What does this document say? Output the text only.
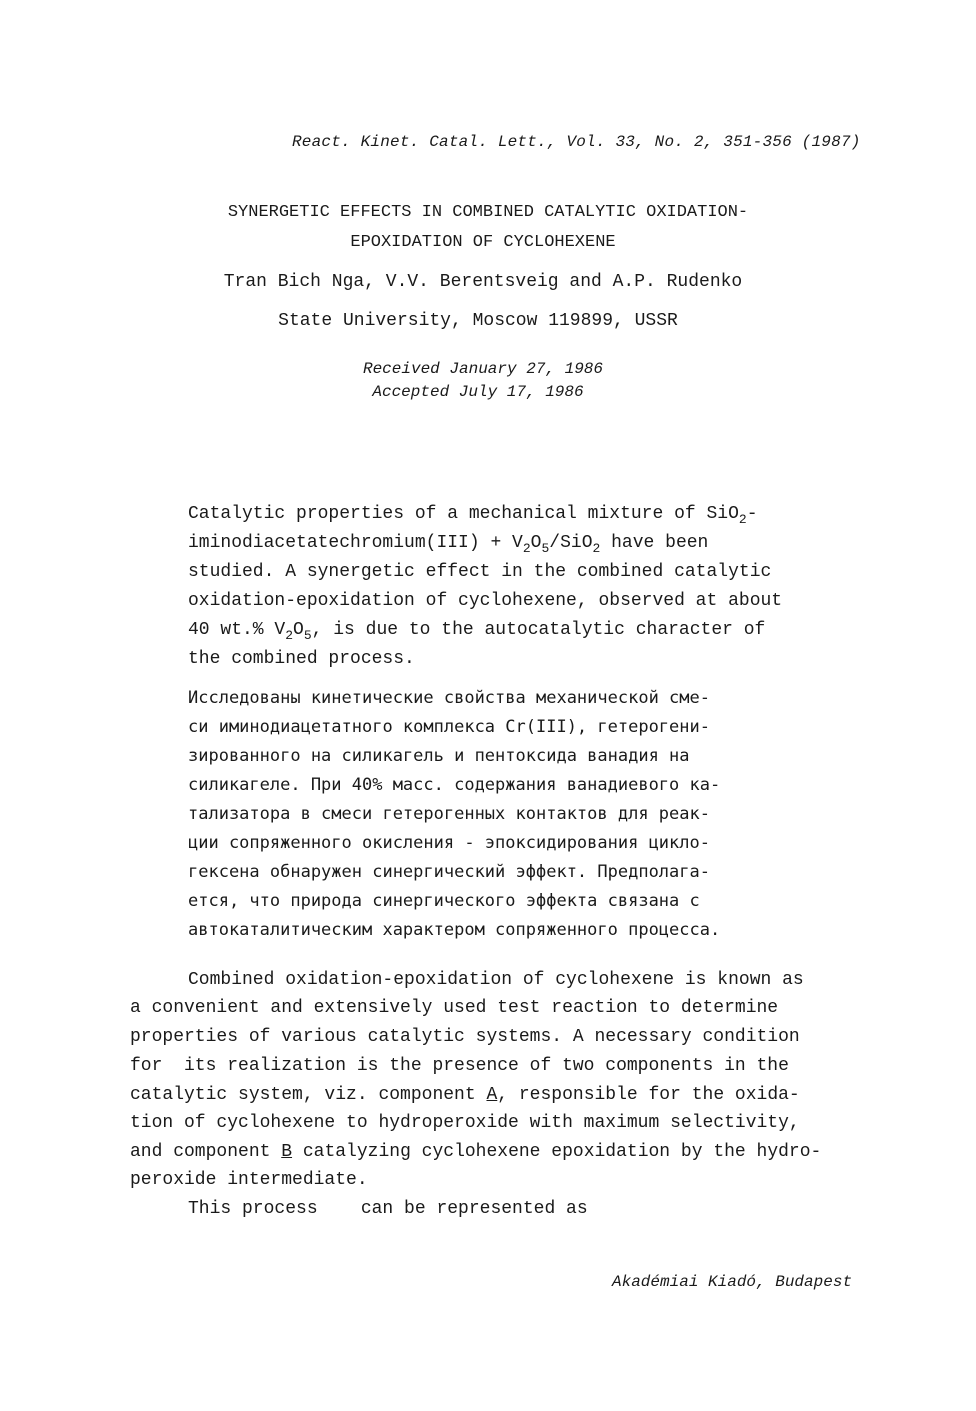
React. Kinet. Catal. Lett., Vol. 33, No. 2, 351-356 (1987)
SYNERGETIC EFFECTS IN COMBINED CATALYTIC OXIDATION-
EPOXIDATION OF CYCLOHEXENE
Tran Bich Nga, V.V. Berentsveig and A.P. Rudenko
State University, Moscow 119899, USSR
Received January 27, 1986
Accepted July 17, 1986
Catalytic properties of a mechanical mixture of SiO$_2$-
iminodiacetatechromium(III) + $V_2O_5/SiO_2$ have been
studied. A synergetic effect in the combined catalytic
oxidation-epoxidation of cyclohexene, observed at about
40 wt.% $V_2O_5$, is due to the autocatalytic character of
the combined process.
Исследованы кинетические свойства механической сме-
си иминодиацетатного комплекса Cr(III), гетерогени-
зированного на силикагель и пентоксида ванадия на
силикагеле. При 40% масс. содержания ванадиевого ка-
тализатора в смеси гетерогенных контактов для реак-
ции сопряженного окисления - эпоксидирования цикло-
гексена обнаружен синергический эффект. Предполага-
ется, что природа синергического эффекта связана с
автокаталитическим характером сопряженного процесса.
Combined oxidation-epoxidation of cyclohexene is known as
a convenient and extensively used test reaction to determine
properties of various catalytic systems. A necessary condition
for  its realization is the presence of two components in the
catalytic system, viz. component A, responsible for the oxida-
tion of cyclohexene to hydroperoxide with maximum selectivity,
and component B catalyzing cyclohexene epoxidation by the hydro-
peroxide intermediate.
This process    can be represented as
Akadémiai Kiadó, Budapest
